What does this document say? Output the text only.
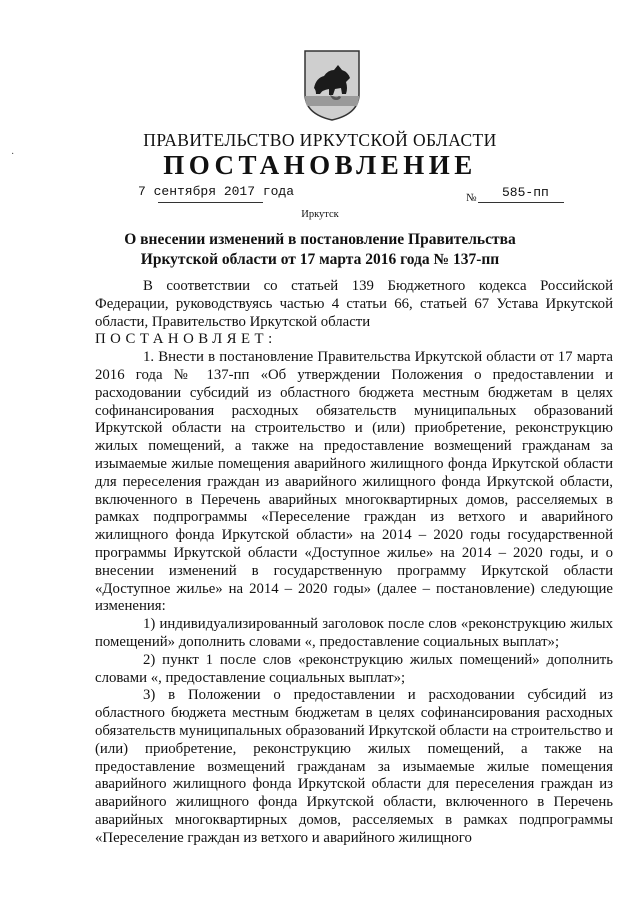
·
ПРАВИТЕЛЬСТВО ИРКУТСКОЙ ОБЛАСТИ
ПОСТАНОВЛЕНИЕ
7 сентября 2017 года	№ 585-пп
Иркутск
О внесении изменений в постановление Правительства Иркутской области от 17 марта 2016 года № 137-пп

В соответствии со статьей 139 Бюджетного кодекса Российской Федерации, руководствуясь частью 4 статьи 66, статьей 67 Устава Иркутской области, Правительство Иркутской области

ПОСТАНОВЛЯЕТ:

1. Внести в постановление Правительства Иркутской области от 17 марта 2016 года № 137-пп «Об утверждении Положения о предоставлении и расходовании субсидий из областного бюджета местным бюджетам в целях софинансирования расходных обязательств муниципальных образований Иркутской области на строительство и (или) приобретение, реконструкцию жилых помещений, а также на предоставление возмещений гражданам за изымаемые жилые помещения аварийного жилищного фонда Иркутской области для переселения граждан из аварийного жилищного фонда Иркутской области, включенного в Перечень аварийных многоквартирных домов, расселяемых в рамках подпрограммы «Переселение граждан из ветхого и аварийного жилищного фонда Иркутской области» на 2014 – 2020 годы государственной программы Иркутской области «Доступное жилье» на 2014 – 2020 годы, и о внесении изменений в государственную программу Иркутской области «Доступное жилье» на 2014 – 2020 годы» (далее – постановление) следующие изменения:

1) индивидуализированный заголовок после слов «реконструкцию жилых помещений» дополнить словами «, предоставление социальных выплат»;

2) пункт 1 после слов «реконструкцию жилых помещений» дополнить словами «, предоставление социальных выплат»;

3) в Положении о предоставлении и расходовании субсидий из областного бюджета местным бюджетам в целях софинансирования расходных обязательств муниципальных образований Иркутской области на строительство и (или) приобретение, реконструкцию жилых помещений, а также на предоставление возмещений гражданам за изымаемые жилые помещения аварийного жилищного фонда Иркутской области для переселения граждан из аварийного жилищного фонда Иркутской области, включенного в Перечень аварийных многоквартирных домов, расселяемых в рамках подпрограммы «Переселение граждан из ветхого и аварийного жилищного
